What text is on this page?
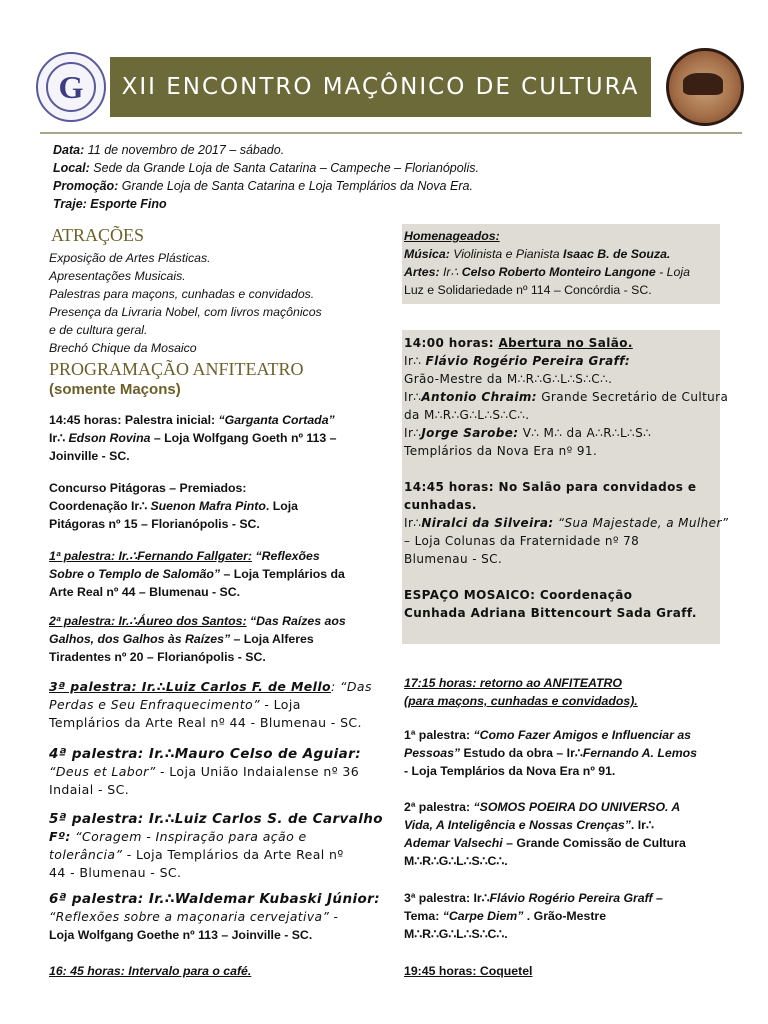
G	XII ENCONTRO MAÇÔNICO DE CULTURA
Data: 11 de novembro de 2017 – sábado.
Local: Sede da Grande Loja de Santa Catarina – Campeche – Florianópolis.
Promoção: Grande Loja de Santa Catarina e Loja Templários da Nova Era.
Traje: Esporte Fino
ATRAÇÕES
Exposição de Artes Plásticas.
Apresentações Musicais.
Palestras para maçons, cunhadas e convidados.
Presença da Livraria Nobel, com livros maçônicos
e de cultura geral.
Brechó Chique da Mosaico
PROGRAMAÇÃO ANFITEATRO
(somente Maçons)
14:45 horas: Palestra inicial: “Garganta Cortada”
Ir∴ Edson Rovina – Loja Wolfgang Goeth nº 113 –
Joinville - SC.
Concurso Pitágoras – Premiados:
Coordenação Ir∴ Suenon Mafra Pinto. Loja
Pitágoras nº 15 – Florianópolis - SC.
1ª palestra: Ir.∴Fernando Fallgater: “Reflexões
Sobre o Templo de Salomão” – Loja Templários da
Arte Real nº 44 – Blumenau - SC.
2ª palestra: Ir.∴Áureo dos Santos: “Das Raízes aos
Galhos, dos Galhos às Raízes” – Loja Alferes
Tiradentes nº 20 – Florianópolis - SC.
3ª palestra: Ir.∴Luiz Carlos F. de Mello: “Das
Perdas e Seu Enfraquecimento” - Loja
Templários da Arte Real nº 44 - Blumenau - SC.
4ª palestra: Ir.∴Mauro Celso de Aguiar:
“Deus et Labor” - Loja União Indaialense nº 36
Indaial - SC.
5ª palestra: Ir.∴Luiz Carlos S. de Carvalho
Fº: “Coragem - Inspiração para ação e
tolerância” - Loja Templários da Arte Real nº
44 - Blumenau - SC.
6ª palestra: Ir.∴Waldemar Kubaski Júnior:
“Reflexões sobre a maçonaria cervejativa” -
Loja Wolfgang Goethe nº 113 – Joinville - SC.
16: 45 horas: Intervalo para o café.
Homenageados:
Música: Violinista e Pianista Isaac B. de Souza.
Artes: Ir∴ Celso Roberto Monteiro Langone - Loja
Luz e Solidariedade nº 114 – Concórdia - SC.
14:00 horas: Abertura no Salão.
Ir∴ Flávio Rogério Pereira Graff:
Grão-Mestre da M∴R∴G∴L∴S∴C∴.
Ir∴Antonio Chraim: Grande Secretário de Cultura
da M∴R∴G∴L∴S∴C∴.
Ir∴Jorge Sarobe: V∴ M∴ da A∴R∴L∴S∴
Templários da Nova Era nº 91.

14:45 horas: No Salão para convidados e
cunhadas.
Ir∴Niralci da Silveira: “Sua Majestade, a Mulher”
– Loja Colunas da Fraternidade nº 78
Blumenau - SC.

ESPAÇO MOSAICO: Coordenação
Cunhada Adriana Bittencourt Sada Graff.
17:15 horas: retorno ao ANFITEATRO
(para maçons, cunhadas e convidados).
1ª palestra: “Como Fazer Amigos e Influenciar as
Pessoas” Estudo da obra – Ir∴Fernando A. Lemos
- Loja Templários da Nova Era nº 91.
2ª palestra: “SOMOS POEIRA DO UNIVERSO. A
Vida, A Inteligência e Nossas Crenças”. Ir∴
Ademar Valsechi – Grande Comissão de Cultura
M∴R∴G∴L∴S∴C∴.
3ª palestra: Ir∴Flávio Rogério Pereira Graff –
Tema: “Carpe Diem” . Grão-Mestre
M∴R∴G∴L∴S∴C∴.
19:45 horas: Coquetel
